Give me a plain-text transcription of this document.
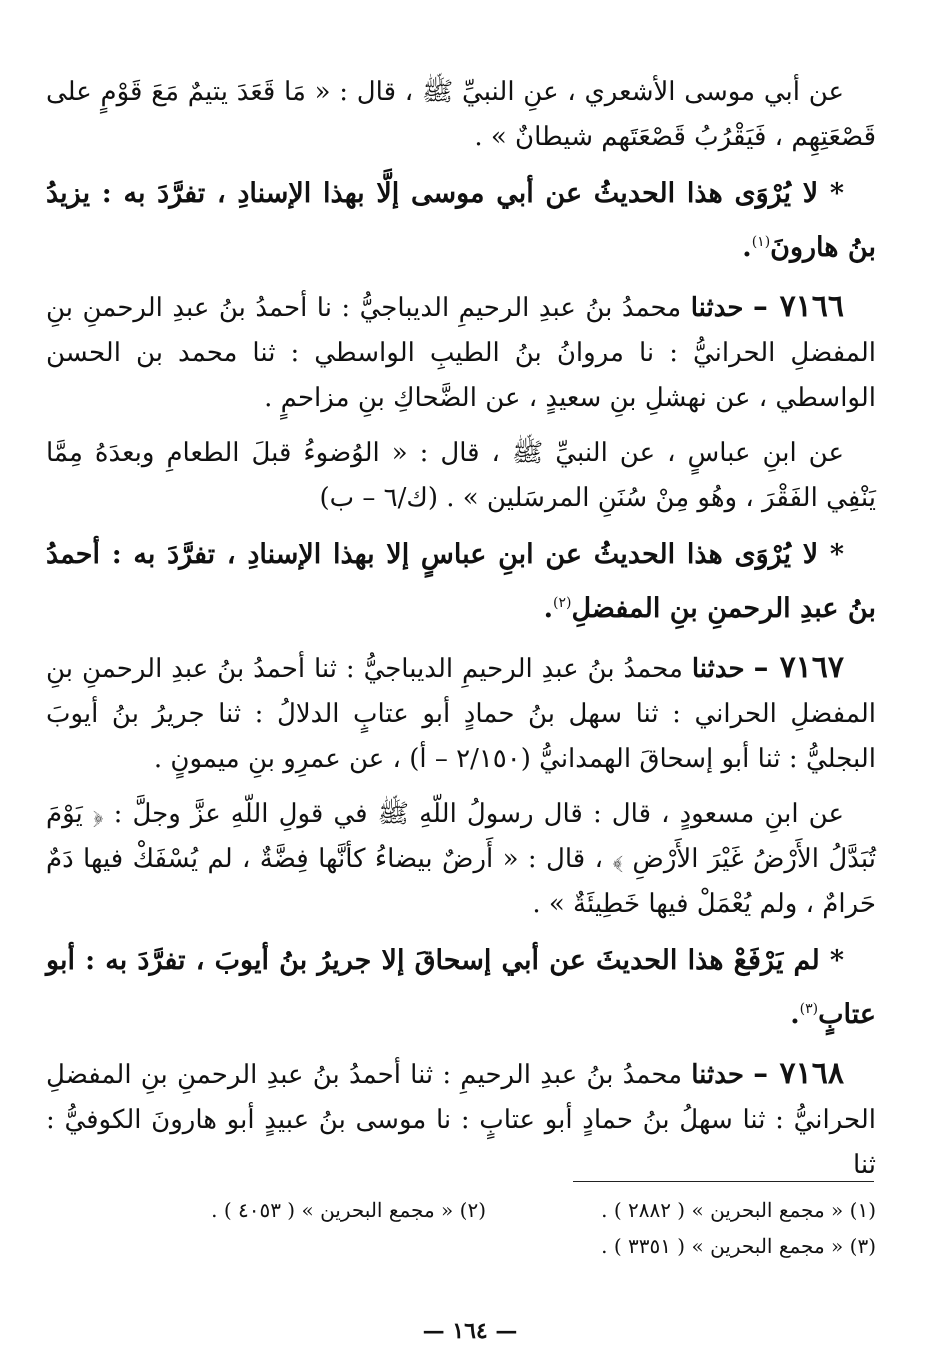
عن أبي موسى الأشعري ، عنِ النبيِّ ﷺ ، قال : « مَا قَعَدَ يتيمٌ مَعَ قَوْمٍ على قَصْعَتِهِم ، فَيَقْرُبُ قَصْعَتَهم شيطانٌ » .

* لا يُرْوَى هذا الحديثُ عن أبي موسى إلَّا بهذا الإسنادِ ، تفرَّدَ به : يزيدُ بنُ هارونَ$^{(١)}$.

٧١٦٦ – حدثنا محمدُ بنُ عبدِ الرحيمِ الديباجيُّ : نا أحمدُ بنُ عبدِ الرحمنِ بنِ المفضلِ الحرانيُّ : نا مروانُ بنُ الطيبِ الواسطي : ثنا محمد بن الحسن الواسطي ، عن نهشلِ بنِ سعيدٍ ، عن الضَّحاكِ بنِ مزاحمٍ .

عن ابنِ عباسٍ ، عن النبيِّ ﷺ ، قال : « الوُضوءُ قبلَ الطعامِ وبعدَهُ مِمَّا يَنْفِي الفَقْرَ ، وهُو مِنْ سُنَنِ المرسَلين » . (ك/٦ – ب)

* لا يُرْوَى هذا الحديثُ عن ابنِ عباسٍ إلا بهذا الإسنادِ ، تفرَّدَ به : أحمدُ بنُ عبدِ الرحمنِ بنِ المفضلِ$^{(٢)}$.

٧١٦٧ – حدثنا محمدُ بنُ عبدِ الرحيمِ الديباجيُّ : ثنا أحمدُ بنُ عبدِ الرحمنِ بنِ المفضلِ الحراني : ثنا سهل بنُ حمادٍ أبو عتابٍ الدلالُ : ثنا جريرُ بنُ أيوبَ البجليُّ : ثنا أبو إسحاقَ الهمدانيُّ (٢/١٥٠ – أ) ، عن عمرِو بنِ ميمونٍ .

عن ابنِ مسعودٍ ، قال : قال رسولُ اللّهِ ﷺ في قولِ اللّهِ عزَّ وجلَّ : ﴿ يَوْمَ تُبَدَّلُ الأَرْضُ غَيْرَ الأَرْضِ ﴾ ، قال : « أَرضٌ بيضاءُ كأنَّها فِضَّةٌ ، لم يُسْفَكْ فيها دَمٌ حَرامٌ ، ولم يُعْمَلْ فيها خَطِيئَةٌ » .

* لم يَرْفَعْ هذا الحديثَ عن أبي إسحاقَ إلا جريرُ بنُ أيوبَ ، تفرَّدَ به : أبو عتابٍ$^{(٣)}$.

٧١٦٨ – حدثنا محمدُ بنُ عبدِ الرحيمِ : ثنا أحمدُ بنُ عبدِ الرحمنِ بنِ المفضلِ الحرانيُّ : ثنا سهلُ بنُ حمادٍ أبو عتابٍ : نا موسى بنُ عبيدٍ أبو هارونَ الكوفيُّ : ثنا

(١) « مجمع البحرين » ( ٢٨٨٢ ) .
(٢) « مجمع البحرين » ( ٤٠٥٣ ) .
(٣) « مجمع البحرين » ( ٣٣٥١ ) .
— ١٦٤ —
